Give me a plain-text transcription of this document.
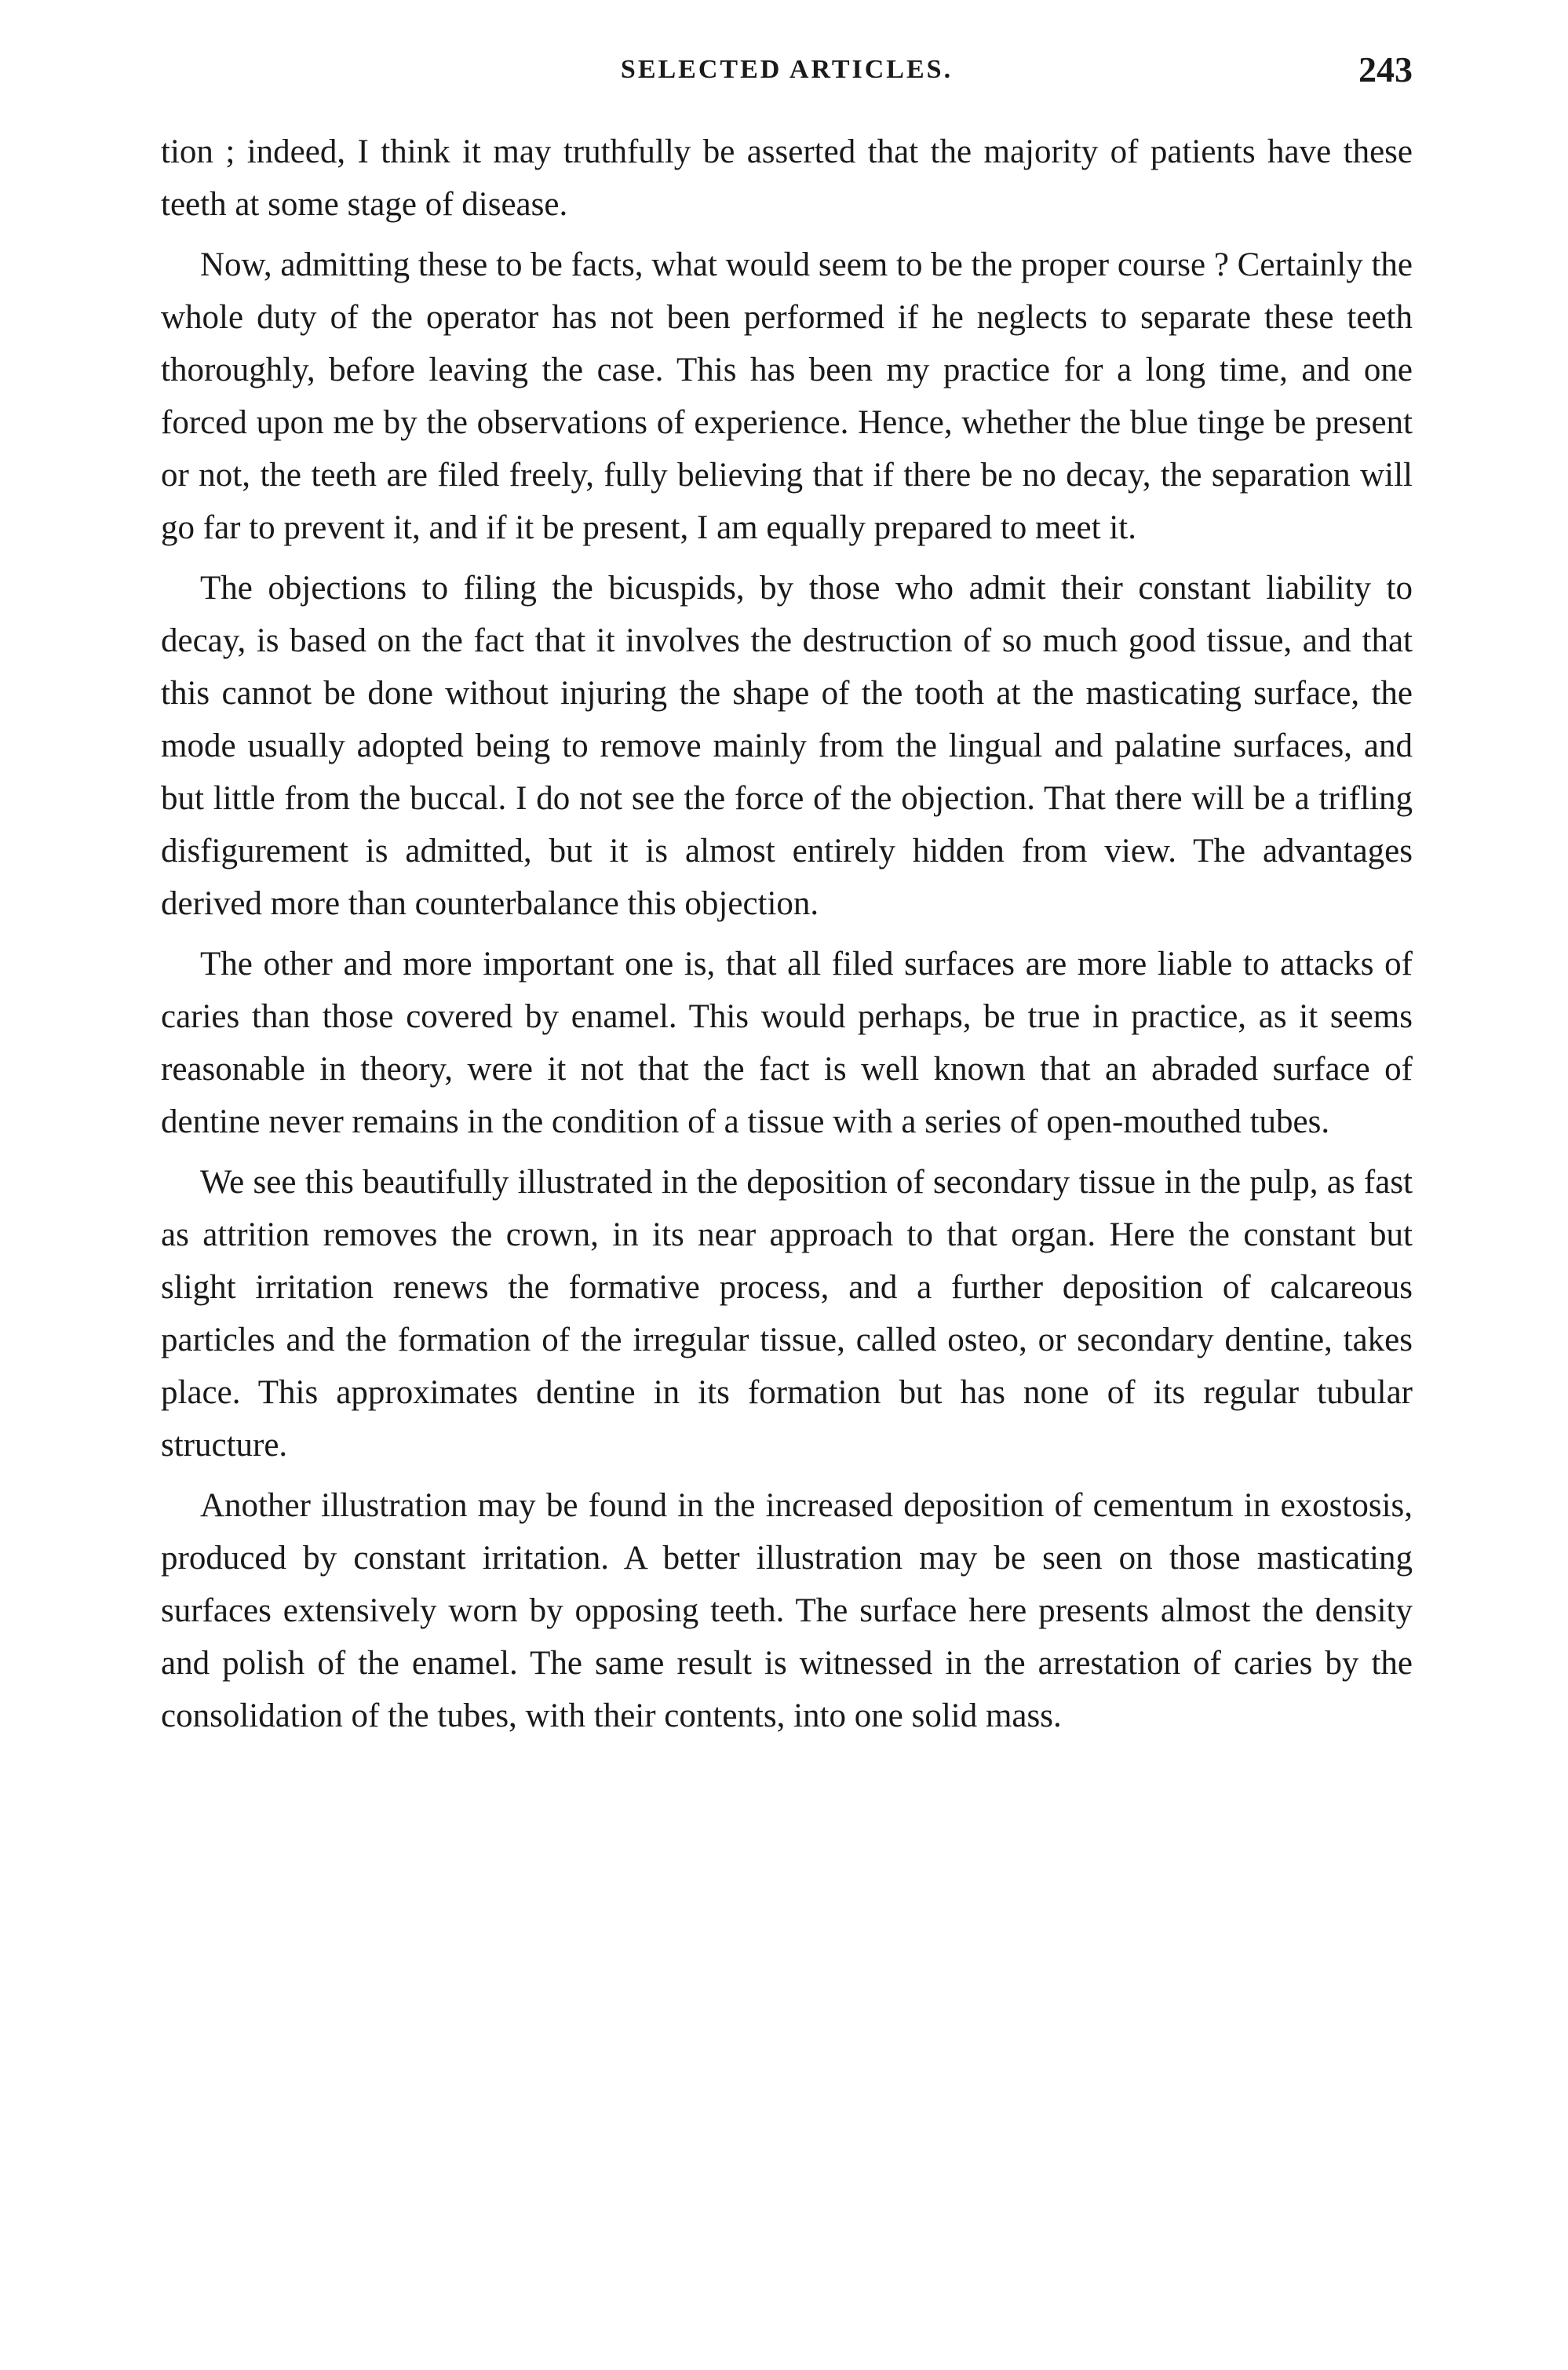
SELECTED ARTICLES.	243

tion ; indeed, I think it may truthfully be asserted that the majority of patients have these teeth at some stage of disease.

Now, admitting these to be facts, what would seem to be the proper course ? Certainly the whole duty of the operator has not been performed if he neglects to separate these teeth thoroughly, before leaving the case. This has been my practice for a long time, and one forced upon me by the observations of experience. Hence, whether the blue tinge be present or not, the teeth are filed freely, fully believing that if there be no decay, the separation will go far to prevent it, and if it be present, I am equally prepared to meet it.

The objections to filing the bicuspids, by those who admit their constant liability to decay, is based on the fact that it involves the destruction of so much good tissue, and that this cannot be done without injuring the shape of the tooth at the masticating surface, the mode usually adopted being to remove mainly from the lingual and palatine surfaces, and but little from the buccal. I do not see the force of the objection. That there will be a trifling disfigurement is admitted, but it is almost entirely hidden from view. The advantages derived more than counterbalance this objection.

The other and more important one is, that all filed surfaces are more liable to attacks of caries than those covered by enamel. This would perhaps, be true in practice, as it seems reasonable in theory, were it not that the fact is well known that an abraded surface of dentine never remains in the condition of a tissue with a series of open-mouthed tubes.

We see this beautifully illustrated in the deposition of secondary tissue in the pulp, as fast as attrition removes the crown, in its near approach to that organ. Here the constant but slight irritation renews the formative process, and a further deposition of calcareous particles and the formation of the irregular tissue, called osteo, or secondary dentine, takes place. This approximates dentine in its formation but has none of its regular tubular structure.

Another illustration may be found in the increased deposition of cementum in exostosis, produced by constant irritation. A better illustration may be seen on those masticating surfaces extensively worn by opposing teeth. The surface here presents almost the density and polish of the enamel. The same result is witnessed in the arrestation of caries by the consolidation of the tubes, with their contents, into one solid mass.
